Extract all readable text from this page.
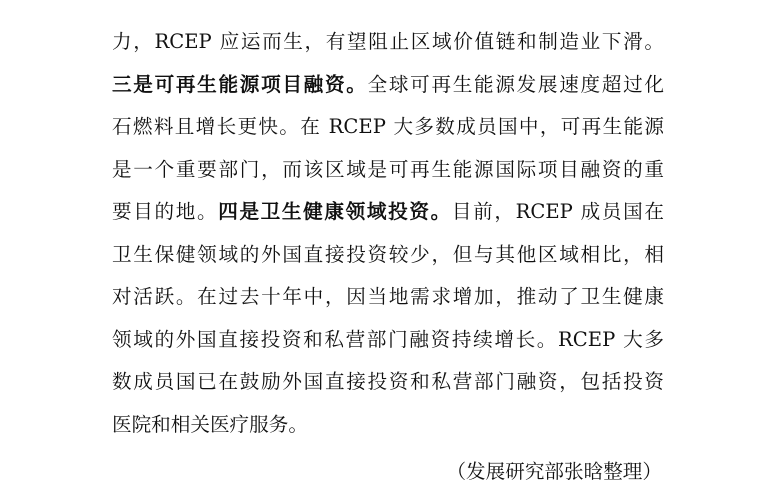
力，RCEP 应运而生，有望阻止区域价值链和制造业下滑。
三是可再生能源项目融资。全球可再生能源发展速度超过化
石燃料且增长更快。在 RCEP 大多数成员国中，可再生能源
是一个重要部门，而该区域是可再生能源国际项目融资的重
要目的地。四是卫生健康领域投资。目前，RCEP 成员国在
卫生保健领域的外国直接投资较少，但与其他区域相比，相
对活跃。在过去十年中，因当地需求增加，推动了卫生健康
领域的外国直接投资和私营部门融资持续增长。RCEP 大多
数成员国已在鼓励外国直接投资和私营部门融资，包括投资
医院和相关医疗服务。
（发展研究部张晗整理）
